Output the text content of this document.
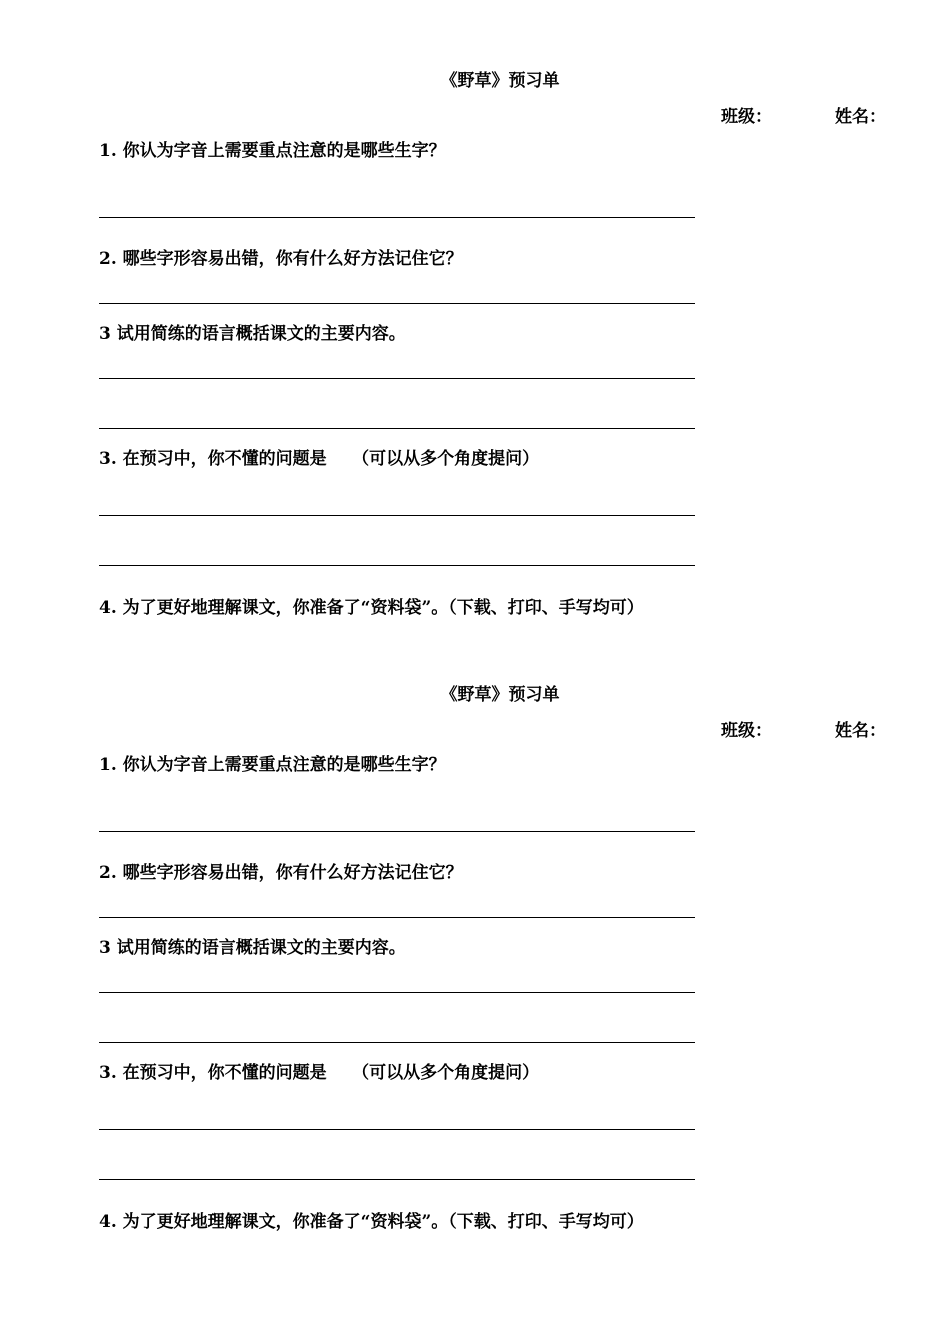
《野草》预习单
班级：	姓名：
1. 你认为字音上需要重点注意的是哪些生字？
2. 哪些字形容易出错，你有什么好方法记住它？
3 试用简练的语言概括课文的主要内容。
3. 在预习中，你不懂的问题是　　（可以从多个角度提问）
4. 为了更好地理解课文，你准备了“资料袋”。（下载、打印、手写均可）
《野草》预习单
班级：	姓名：
1. 你认为字音上需要重点注意的是哪些生字？
2. 哪些字形容易出错，你有什么好方法记住它？
3 试用简练的语言概括课文的主要内容。
3. 在预习中，你不懂的问题是　　（可以从多个角度提问）
4. 为了更好地理解课文，你准备了“资料袋”。（下载、打印、手写均可）
